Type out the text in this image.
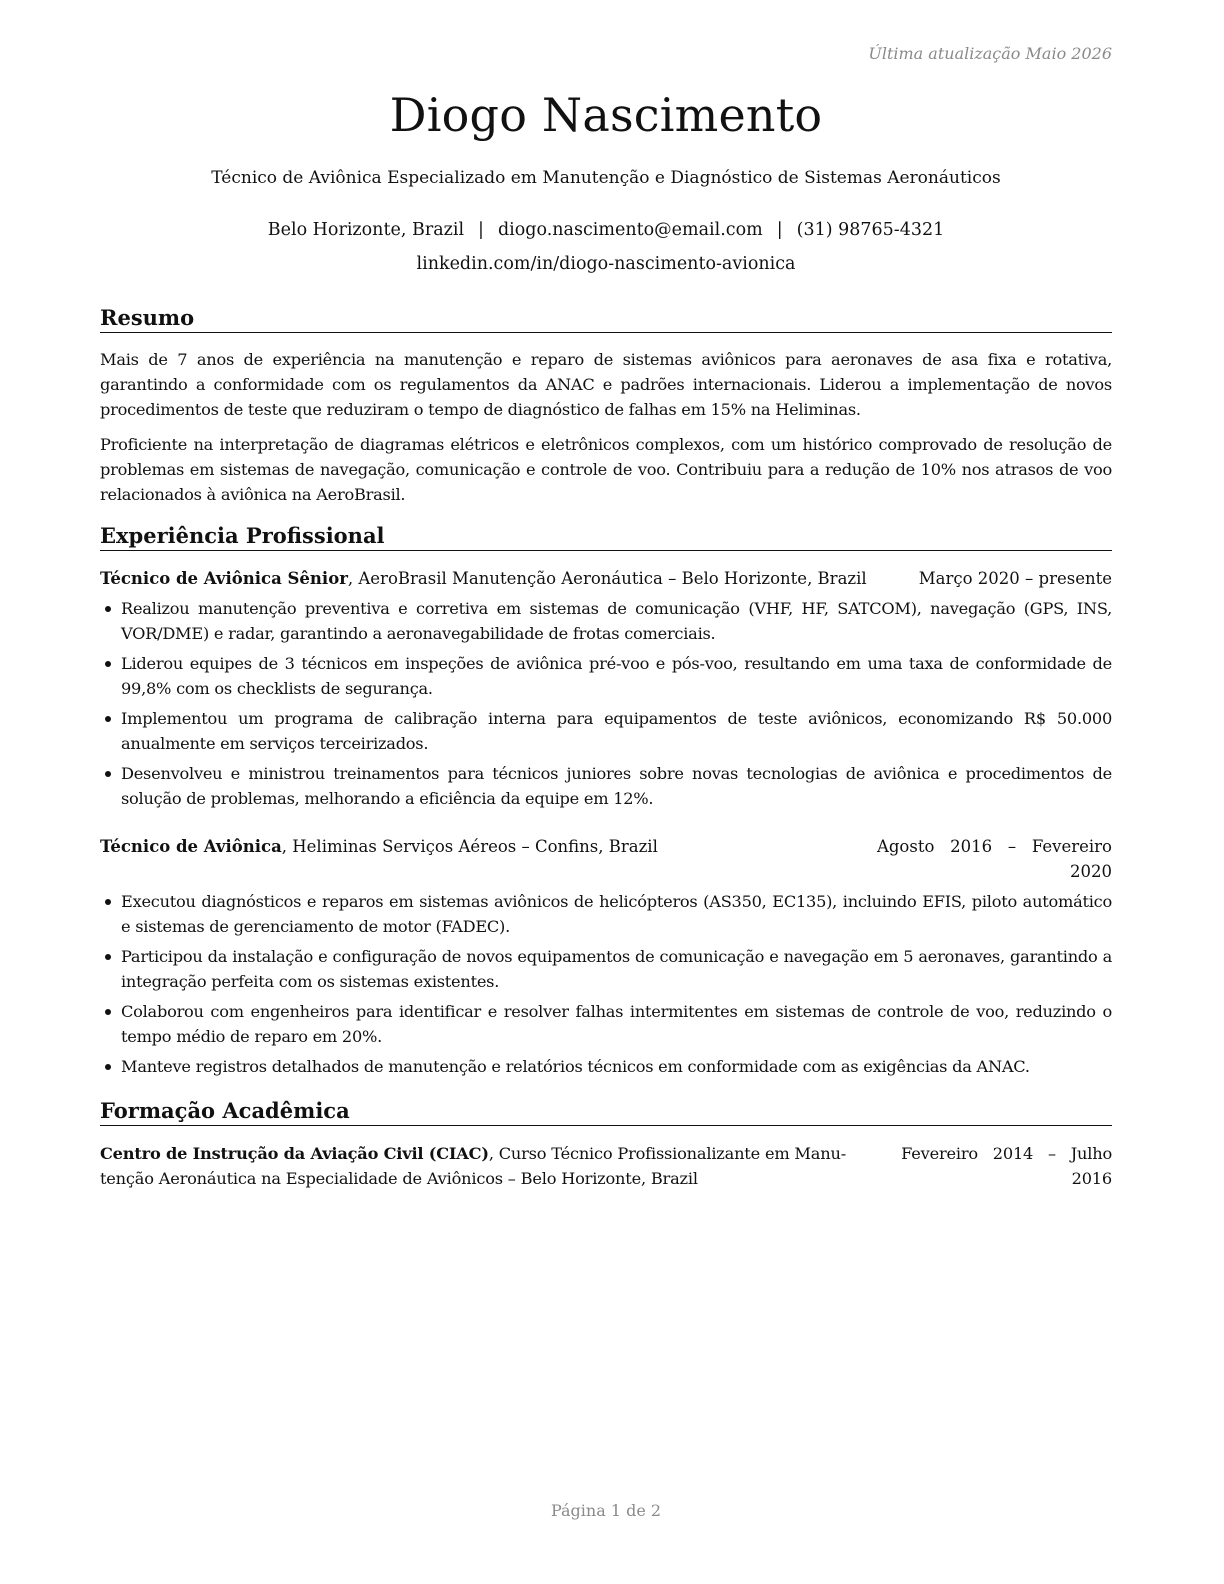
Última atualização Maio 2026
Diogo Nascimento
Técnico de Aviônica Especializado em Manutenção e Diagnóstico de Sistemas Aeronáuticos
Belo Horizonte, Brazil | diogo.nascimento@email.com | (31) 98765-4321
linkedin.com/in/diogo-nascimento-avionica
Resumo
Mais de 7 anos de experiência na manutenção e reparo de sistemas aviônicos para aeronaves de asa fixa e rotativa, garantindo a conformidade com os regulamentos da ANAC e padrões internacionais. Liderou a implementação de novos procedimentos de teste que reduziram o tempo de diagnóstico de falhas em 15% na Heliminas.
Proficiente na interpretação de diagramas elétricos e eletrônicos complexos, com um histórico comprovado de resolução de problemas em sistemas de navegação, comunicação e controle de voo. Contribuiu para a redução de 10% nos atrasos de voo relacionados à aviônica na AeroBrasil.
Experiência Profissional
Técnico de Aviônica Sênior, AeroBrasil Manutenção Aeronáutica – Belo Horizonte, Brazil	Março 2020 – presente
Realizou manutenção preventiva e corretiva em sistemas de comunicação (VHF, HF, SATCOM), navegação (GPS, INS, VOR/DME) e radar, garantindo a aeronavegabilidade de frotas comerciais.
Liderou equipes de 3 técnicos em inspeções de aviônica pré-voo e pós-voo, resultando em uma taxa de conformidade de 99,8% com os checklists de segurança.
Implementou um programa de calibração interna para equipamentos de teste aviônicos, economizando R$ 50.000 anualmente em serviços terceirizados.
Desenvolveu e ministrou treinamentos para técnicos juniores sobre novas tecnologias de aviônica e procedimentos de solução de problemas, melhorando a eficiência da equipe em 12%.
Técnico de Aviônica, Heliminas Serviços Aéreos – Confins, Brazil	Agosto   2016   –   Fevereiro
2020
Executou diagnósticos e reparos em sistemas aviônicos de helicópteros (AS350, EC135), incluindo EFIS, piloto automático e sistemas de gerenciamento de motor (FADEC).
Participou da instalação e configuração de novos equipamentos de comunicação e navegação em 5 aeronaves, garantindo a integração perfeita com os sistemas existentes.
Colaborou com engenheiros para identificar e resolver falhas intermitentes em sistemas de controle de voo, reduzindo o tempo médio de reparo em 20%.
Manteve registros detalhados de manutenção e relatórios técnicos em conformidade com as exigências da ANAC.
Formação Acadêmica
Centro de Instrução da Aviação Civil (CIAC), Curso Técnico Profissionalizante em Manu-
tenção Aeronáutica na Especialidade de Aviônicos – Belo Horizonte, Brazil
Fevereiro   2014   –   Julho
2016
Página 1 de 2
